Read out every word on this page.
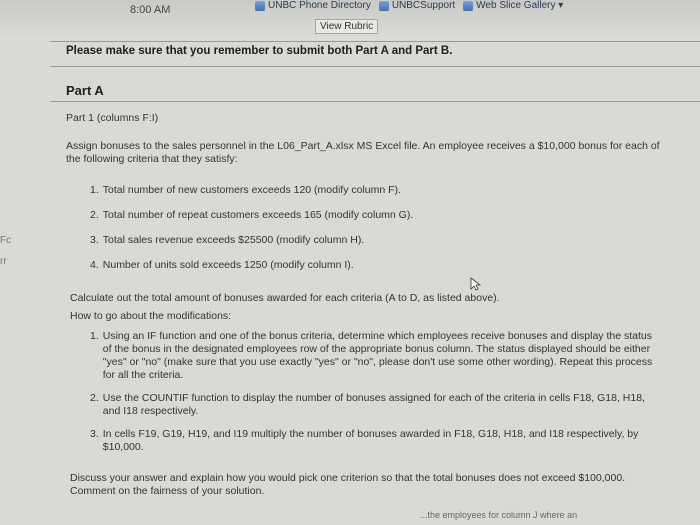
8:00 AM	UNBC Phone Directory UNBCSupport Web Slice Gallery ▾
View Rubric
Please make sure that you remember to submit both Part A and Part B.
Part A
Part 1 (columns F:I)
Assign bonuses to the sales personnel in the L06_Part_A.xlsx MS Excel file. An employee receives a $10,000 bonus for each of the following criteria that they satisfy:
1. Total number of new customers exceeds 120 (modify column F).
2. Total number of repeat customers exceeds 165 (modify column G).
3. Total sales revenue exceeds $25500 (modify column H).
4. Number of units sold exceeds 1250 (modify column I).
Fc
rr
Calculate out the total amount of bonuses awarded for each criteria (A to D, as listed above).
How to go about the modifications:
1. Using an IF function and one of the bonus criteria, determine which employees receive bonuses and display the status of the bonus in the designated employees row of the appropriate bonus column. The status displayed should be either "yes" or "no" (make sure that you use exactly "yes" or "no", please don't use some other wording). Repeat this process for all the criteria.
2. Use the COUNTIF function to display the number of bonuses assigned for each of the criteria in cells F18, G18, H18, and I18 respectively.
3. In cells F19, G19, H19, and I19 multiply the number of bonuses awarded in F18, G18, H18, and I18 respectively, by $10,000.
Discuss your answer and explain how you would pick one criterion so that the total bonuses does not exceed $100,000. Comment on the fairness of your solution.
...the employees for column J where an
